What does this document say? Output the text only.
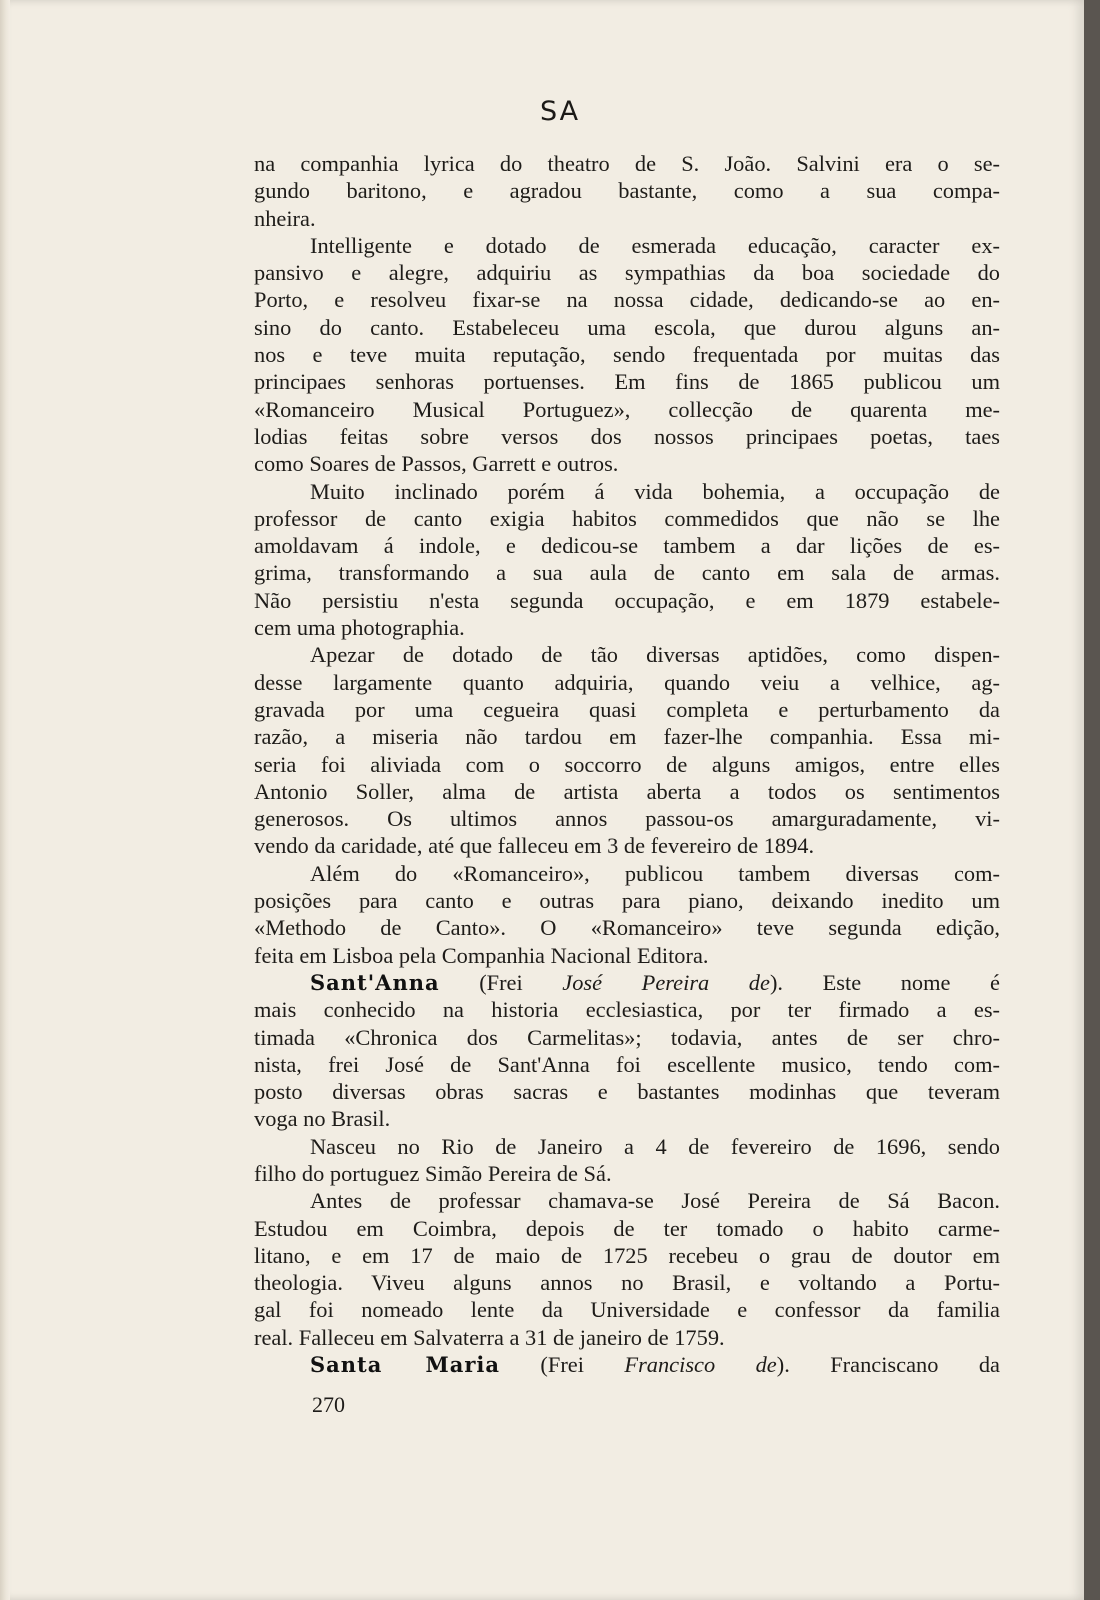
SA
na companhia lyrica do theatro de S. João. Salvini era o se-
gundo baritono, e agradou bastante, como a sua compa-
nheira.
Intelligente e dotado de esmerada educação, caracter ex-
pansivo e alegre, adquiriu as sympathias da boa sociedade do
Porto, e resolveu fixar-se na nossa cidade, dedicando-se ao en-
sino do canto. Estabeleceu uma escola, que durou alguns an-
nos e teve muita reputação, sendo frequentada por muitas das
principaes senhoras portuenses. Em fins de 1865 publicou um
«Romanceiro Musical Portuguez», collecção de quarenta me-
lodias feitas sobre versos dos nossos principaes poetas, taes
como Soares de Passos, Garrett e outros.
Muito inclinado porém á vida bohemia, a occupação de
professor de canto exigia habitos commedidos que não se lhe
amoldavam á indole, e dedicou-se tambem a dar lições de es-
grima, transformando a sua aula de canto em sala de armas.
Não persistiu n'esta segunda occupação, e em 1879 estabele-
cem uma photographia.
Apezar de dotado de tão diversas aptidões, como dispen-
desse largamente quanto adquiria, quando veiu a velhice, ag-
gravada por uma cegueira quasi completa e perturbamento da
razão, a miseria não tardou em fazer-lhe companhia. Essa mi-
seria foi aliviada com o soccorro de alguns amigos, entre elles
Antonio Soller, alma de artista aberta a todos os sentimentos
generosos. Os ultimos annos passou-os amarguradamente, vi-
vendo da caridade, até que falleceu em 3 de fevereiro de 1894.
Além do «Romanceiro», publicou tambem diversas com-
posições para canto e outras para piano, deixando inedito um
«Methodo de Canto». O «Romanceiro» teve segunda edição,
feita em Lisboa pela Companhia Nacional Editora.
Sant'Anna (Frei José Pereira de). Este nome é
mais conhecido na historia ecclesiastica, por ter firmado a es-
timada «Chronica dos Carmelitas»; todavia, antes de ser chro-
nista, frei José de Sant'Anna foi escellente musico, tendo com-
posto diversas obras sacras e bastantes modinhas que teveram
voga no Brasil.
Nasceu no Rio de Janeiro a 4 de fevereiro de 1696, sendo
filho do portuguez Simão Pereira de Sá.
Antes de professar chamava-se José Pereira de Sá Bacon.
Estudou em Coimbra, depois de ter tomado o habito carme-
litano, e em 17 de maio de 1725 recebeu o grau de doutor em
theologia. Viveu alguns annos no Brasil, e voltando a Portu-
gal foi nomeado lente da Universidade e confessor da familia
real. Falleceu em Salvaterra a 31 de janeiro de 1759.
Santa Maria (Frei Francisco de). Franciscano da
270
